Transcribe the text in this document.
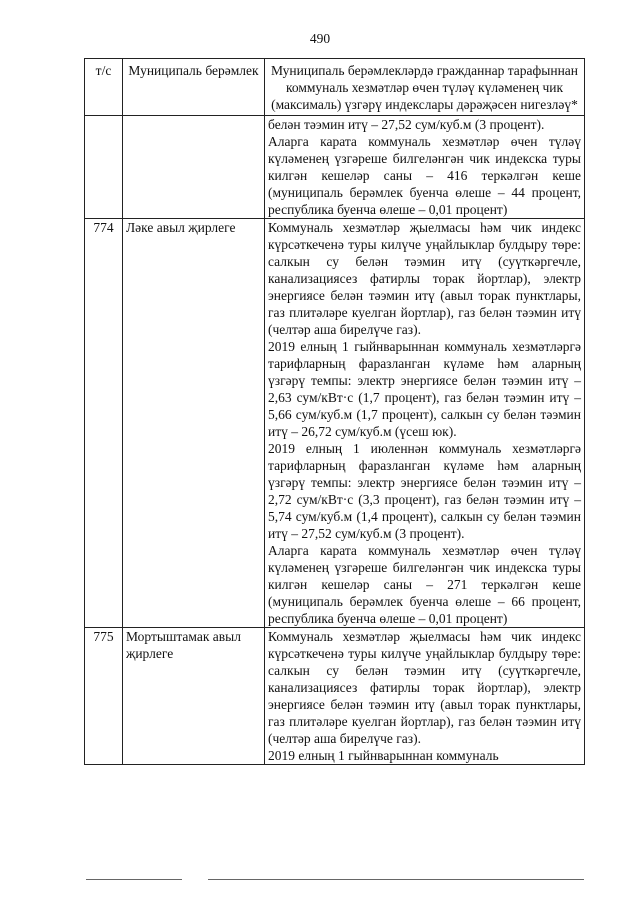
490
т/с	Муниципаль берәмлек	Муниципаль берәмлекләрдә гражданнар тарафыннан коммуналь хезмәтләр өчен түләү күләменең чик (максималь) үзгәрү индекслары дәрәҗәсен нигезләү*

		белән тәэмин итү – 27,52 сум/куб.м (3 процент).

Аларга карата коммуналь хезмәтләр өчен түләү күләменең үзгәреше билгеләнгән чик индекска туры килгән кешеләр саны – 416 теркәлгән кеше (муниципаль берәмлек буенча өлеше – 44 процент, республика буенча өлеше – 0,01 процент)

774	Ләке авыл җирлеге	Коммуналь хезмәтләр җыелмасы һәм чик индекс күрсәткеченә туры килүче уңайлыклар булдыру төре: салкын су белән тәэмин итү (суүткәргечле, канализациясез фатирлы торак йортлар), электр энергиясе белән тәэмин итү (авыл торак пунктлары, газ плитәләре куелган йортлар), газ белән тәэмин итү (челтәр аша бирелүче газ).

2019 елның 1 гыйнварыннан коммуналь хезмәтләргә тарифларның фаразланган күләме һәм аларның үзгәрү темпы: электр энергиясе белән тәэмин итү – 2,63 сум/кВт·с (1,7 процент), газ белән тәэмин итү – 5,66 сум/куб.м (1,7 процент), салкын су белән тәэмин итү – 26,72 сум/куб.м (үсеш юк).

2019 елның 1 июленнән коммуналь хезмәтләргә тарифларның фаразланган күләме һәм аларның үзгәрү темпы: электр энергиясе белән тәэмин итү – 2,72 сум/кВт·с (3,3 процент), газ белән тәэмин итү – 5,74 сум/куб.м (1,4 процент), салкын су белән тәэмин итү – 27,52 сум/куб.м (3 процент).

Аларга карата коммуналь хезмәтләр өчен түләү күләменең үзгәреше билгеләнгән чик индекска туры килгән кешеләр саны – 271 теркәлгән кеше (муниципаль берәмлек буенча өлеше – 66 процент, республика буенча өлеше – 0,01 процент)

775	Мортыштамак авыл җирлеге	Коммуналь хезмәтләр җыелмасы һәм чик индекс күрсәткеченә туры килүче уңайлыклар булдыру төре: салкын су белән тәэмин итү (суүткәргечле, канализациясез фатирлы торак йортлар), электр энергиясе белән тәэмин итү (авыл торак пунктлары, газ плитәләре куелган йортлар), газ белән тәэмин итү (челтәр аша бирелүче газ).

2019 елның 1 гыйнварыннан коммуналь
